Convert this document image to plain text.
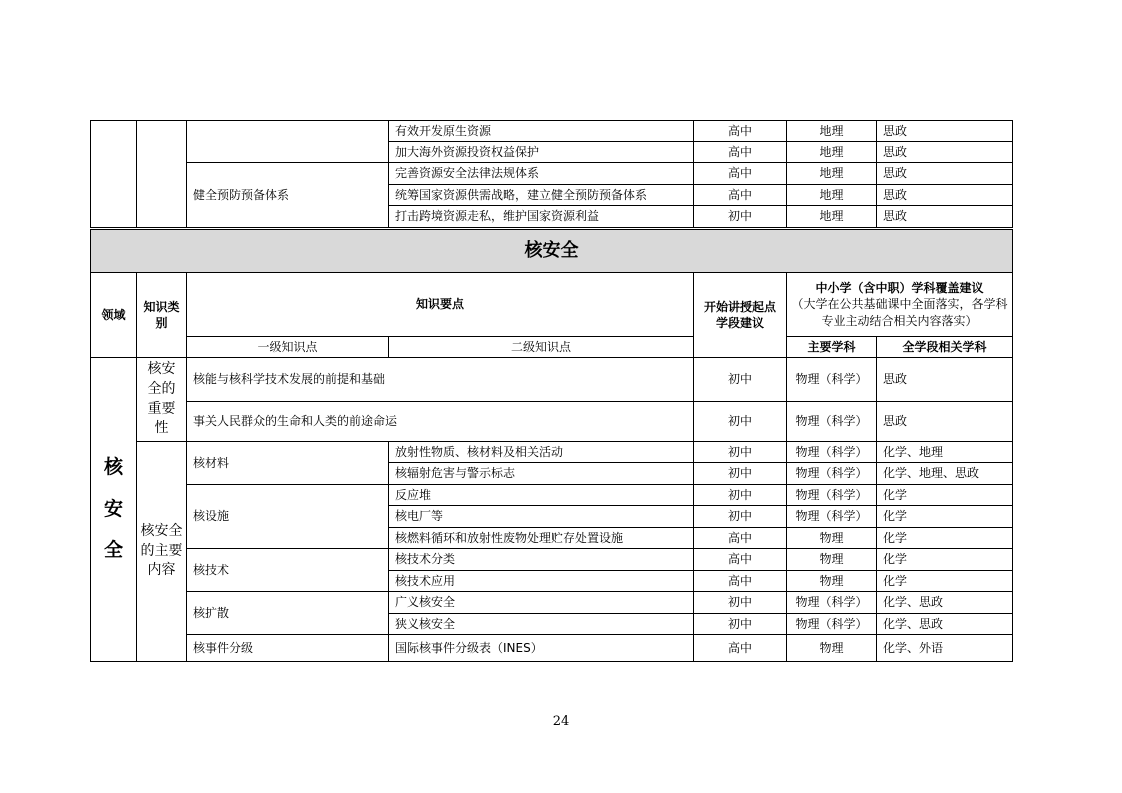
			有效开发原生资源	高中	地理	思政
			加大海外资源投资权益保护	高中	地理	思政
		健全预防预备体系	完善资源安全法律法规体系	高中	地理	思政
			统筹国家资源供需战略，建立健全预防预备体系	高中	地理	思政
			打击跨境资源走私，维护国家资源利益	初中	地理	思政
核安全						
领域	知识类别	知识要点		开始讲授起点学段建议	中小学（含中职）学科覆盖建议
（大学在公共基础课中全面落实，各学科专业主动结合相关内容落实）	

		一级知识点	二级知识点		主要学科	全学段相关学科

核安全	核安全的重要性	核能与核科学技术发展的前提和基础		初中	物理（科学）	思政
		事关人民群众的生命和人类的前途命运		初中	物理（科学）	思政

	核安全的主要内容	核材料	放射性物质、核材料及相关活动	初中	物理（科学）	化学、地理
			核辐射危害与警示标志	初中	物理（科学）	化学、地理、思政
		核设施	反应堆	初中	物理（科学）	化学
			核电厂等	初中	物理（科学）	化学
			核燃料循环和放射性废物处理贮存处置设施	高中	物理	化学
		核技术	核技术分类	高中	物理	化学
			核技术应用	高中	物理	化学
		核扩散	广义核安全	初中	物理（科学）	化学、思政
			狭义核安全	初中	物理（科学）	化学、思政
		核事件分级	国际核事件分级表（INES）	高中	物理	化学、外语
24
